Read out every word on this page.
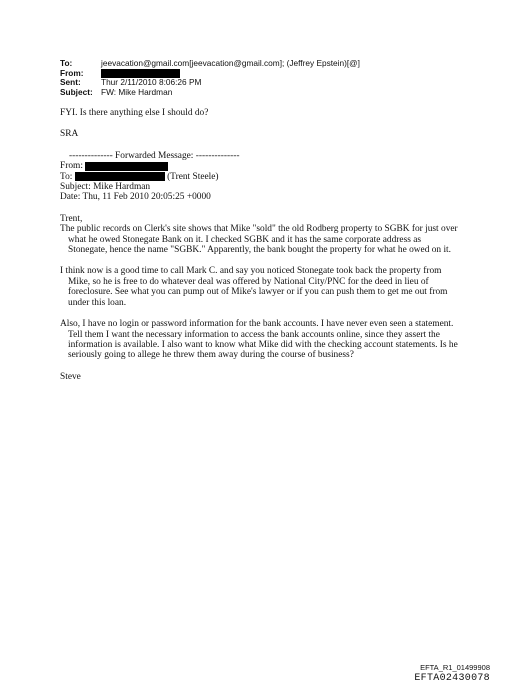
To:	jeevacation@gmail.com[jeevacation@gmail.com]; (Jeffrey Epstein)[@]
From:
Sent:	Thur 2/11/2010 8:06:26 PM
Subject: FW: Mike Hardman

FYI. Is there anything else I should do?

SRA

-------------- Forwarded Message: --------------

From:

To:	(Trent Steele)

Subject: Mike Hardman

Date: Thu, 11 Feb 2010 20:05:25 +0000

Trent,

The public records on Clerk's site shows that Mike "sold" the old Rodberg property to SGBK for just over what he owed Stonegate Bank on it. I checked SGBK and it has the same corporate address as Stonegate, hence the name "SGBK." Apparently, the bank bought the property for what he owed on it.

I think now is a good time to call Mark C. and say you noticed Stonegate took back the property from Mike, so he is free to do whatever deal was offered by National City/PNC for the deed in lieu of foreclosure. See what you can pump out of Mike's lawyer or if you can push them to get me out from under this loan.

Also, I have no login or password information for the bank accounts. I have never even seen a statement. Tell them I want the necessary information to access the bank accounts online, since they assert the information is available. I also want to know what Mike did with the checking account statements. Is he seriously going to allege he threw them away during the course of business?

Steve

EFTA_R1_01499908
EFTA02430078
